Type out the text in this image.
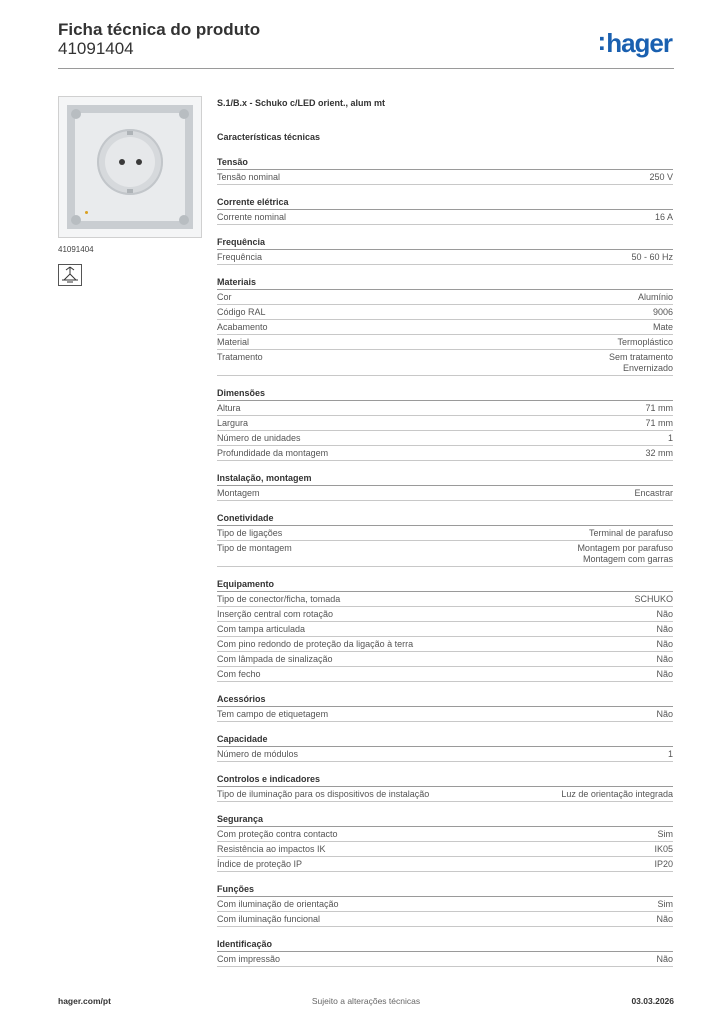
Ficha técnica do produto
41091404	:hager
41091404
S.1/B.x - Schuko c/LED orient., alum mt
Características técnicas
Tensão
Tensão nominal	250 V
Corrente elétrica
Corrente nominal	16 A
Frequência
Frequência	50 - 60 Hz
Materiais
Cor	Alumínio
Código RAL	9006
Acabamento	Mate
Material	Termoplástico
Tratamento	Sem tratamento
Envernizado
Dimensões
Altura	71 mm
Largura	71 mm
Número de unidades	1
Profundidade da montagem	32 mm
Instalação, montagem
Montagem	Encastrar
Conetividade
Tipo de ligações	Terminal de parafuso
Tipo de montagem	Montagem por parafuso
Montagem com garras
Equipamento
Tipo de conector/ficha, tomada	SCHUKO
Inserção central com rotação	Não
Com tampa articulada	Não
Com pino redondo de proteção da ligação à terra	Não
Com lâmpada de sinalização	Não
Com fecho	Não
Acessórios
Tem campo de etiquetagem	Não
Capacidade
Número de módulos	1
Controlos e indicadores
Tipo de iluminação para os dispositivos de instalação	Luz de orientação integrada
Segurança
Com proteção contra contacto	Sim
Resistência ao impactos IK	IK05
Índice de proteção IP	IP20
Funções
Com iluminação de orientação	Sim
Com iluminação funcional	Não
Identificação
Com impressão	Não
hager.com/pt	Sujeito a alterações técnicas	03.03.2026
